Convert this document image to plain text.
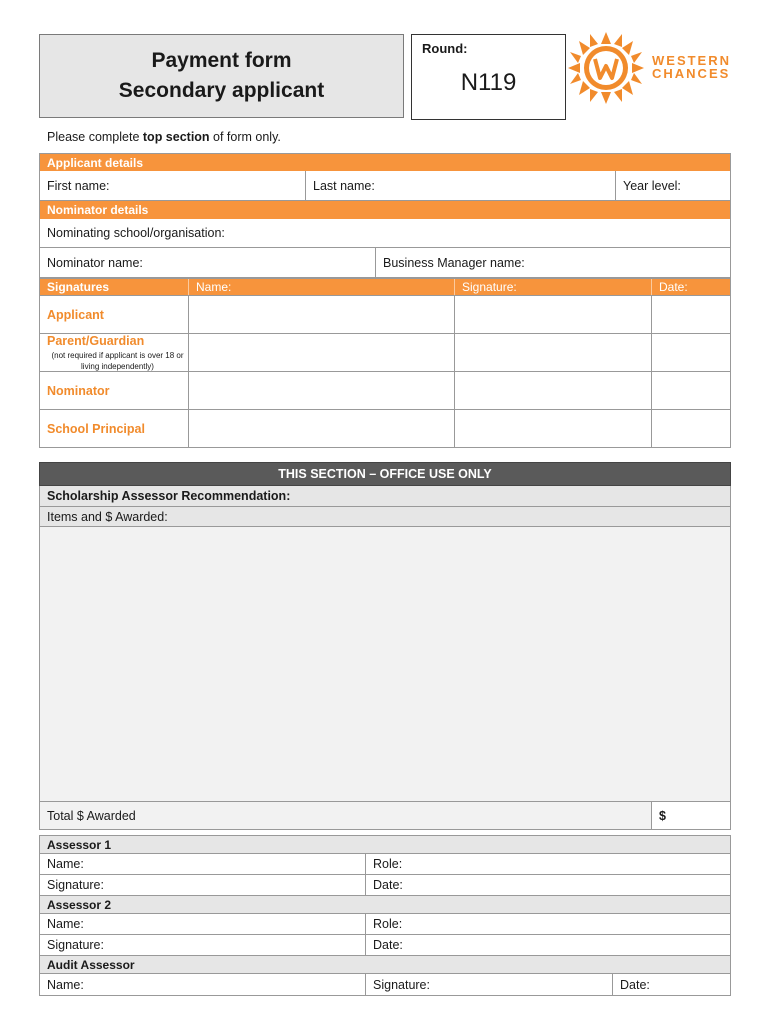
Payment form
Secondary applicant
Round:
N119
WESTERN
CHANCES
Please complete top section of form only.
Applicant details
First name:	Last name:	Year level:
Nominator details
Nominating school/organisation:
Nominator name:	Business Manager name:
Signatures	Name:	Signature:	Date:
Applicant
Parent/Guardian
(not required if applicant is over 18 or living independently)
Nominator
School Principal
THIS SECTION – OFFICE USE ONLY
Scholarship Assessor Recommendation:
Items and $ Awarded:
Total $ Awarded	$
Assessor 1
Name:	Role:
Signature:	Date:
Assessor 2
Name:	Role:
Signature:	Date:
Audit Assessor
Name:	Signature:	Date:
